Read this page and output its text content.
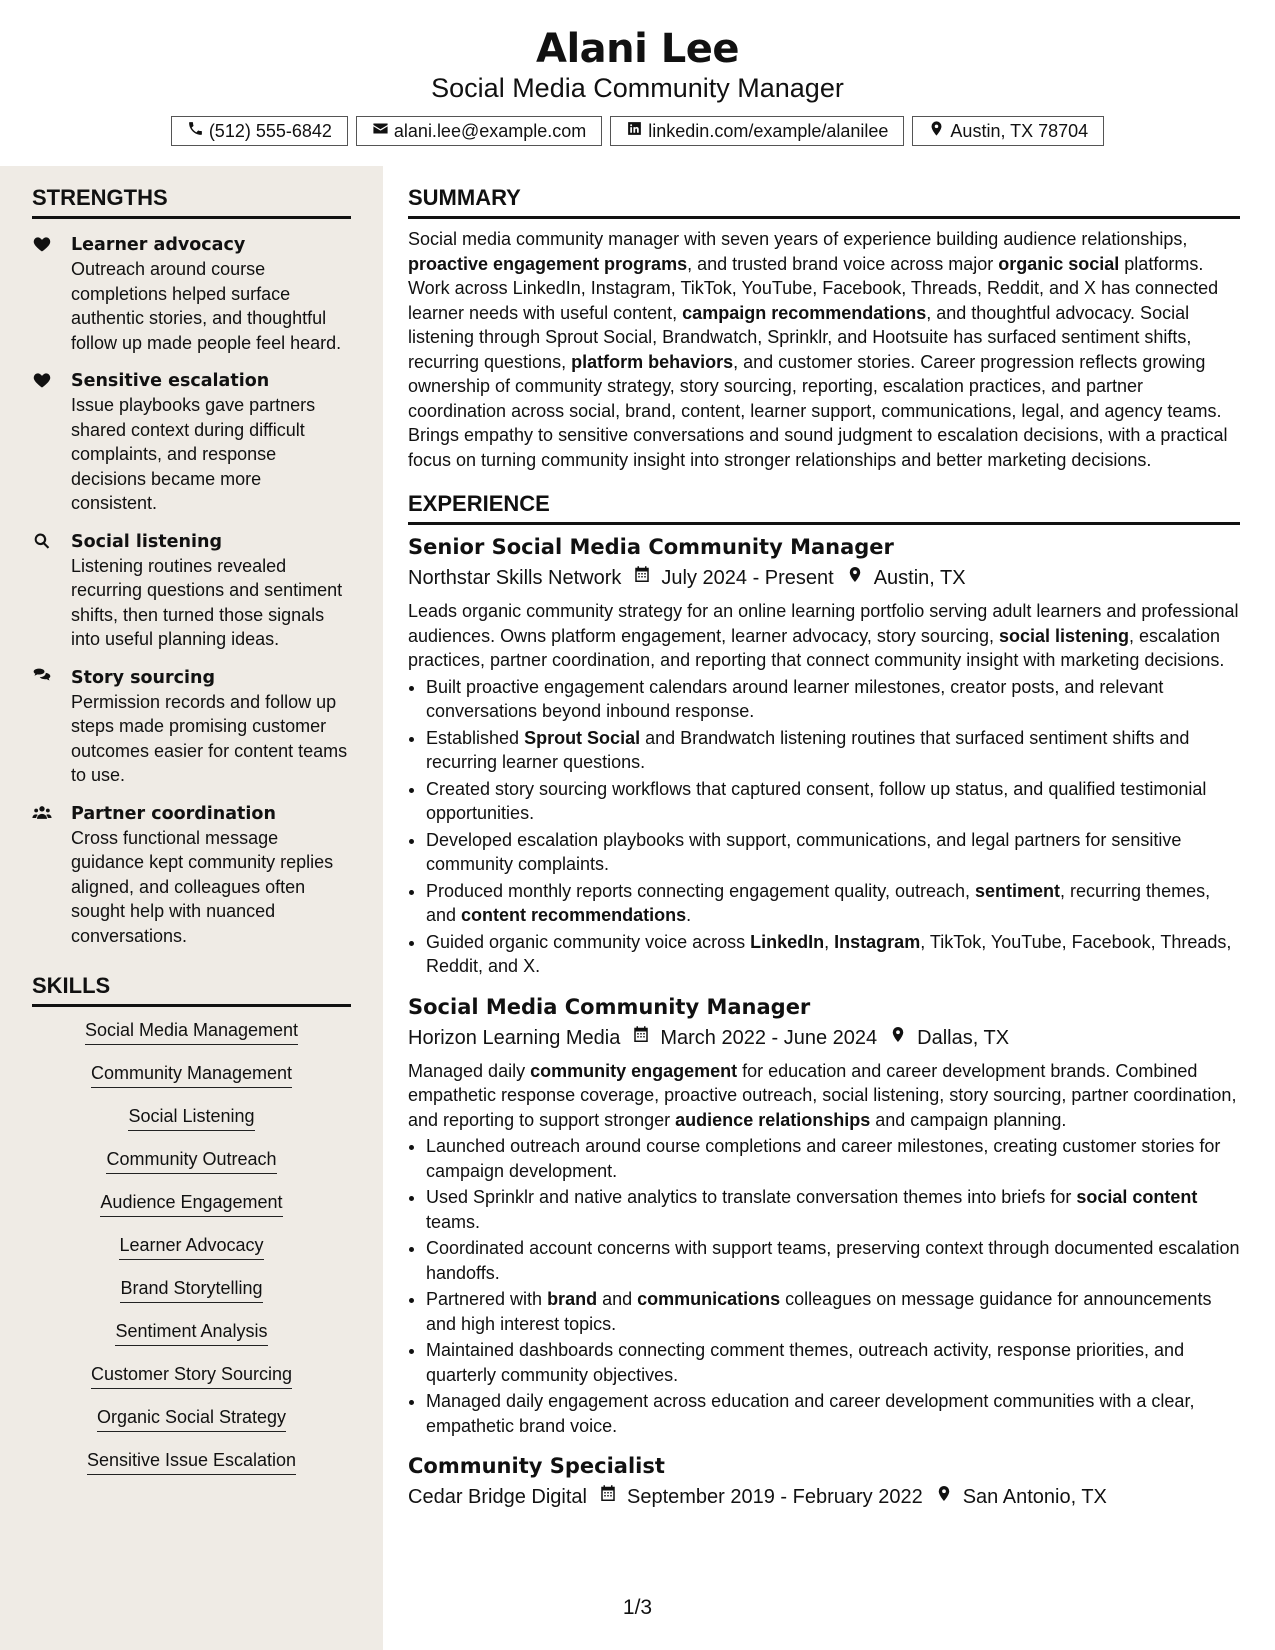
Alani Lee
Social Media Community Manager
(512) 555-6842	alani.lee@example.com	linkedin.com/example/alanilee	Austin, TX 78704
STRENGTHS
Learner advocacy
Outreach around course completions helped surface authentic stories, and thoughtful follow up made people feel heard.
Sensitive escalation
Issue playbooks gave partners shared context during difficult complaints, and response decisions became more consistent.
Social listening
Listening routines revealed recurring questions and sentiment shifts, then turned those signals into useful planning ideas.
Story sourcing
Permission records and follow up steps made promising customer outcomes easier for content teams to use.
Partner coordination
Cross functional message guidance kept community replies aligned, and colleagues often sought help with nuanced conversations.
SKILLS
Social Media Management
Community Management
Social Listening
Community Outreach
Audience Engagement
Learner Advocacy
Brand Storytelling
Sentiment Analysis
Customer Story Sourcing
Organic Social Strategy
Sensitive Issue Escalation
SUMMARY
Social media community manager with seven years of experience building audience relationships, proactive engagement programs, and trusted brand voice across major organic social platforms. Work across LinkedIn, Instagram, TikTok, YouTube, Facebook, Threads, Reddit, and X has connected learner needs with useful content, campaign recommendations, and thoughtful advocacy. Social listening through Sprout Social, Brandwatch, Sprinklr, and Hootsuite has surfaced sentiment shifts, recurring questions, platform behaviors, and customer stories. Career progression reflects growing ownership of community strategy, story sourcing, reporting, escalation practices, and partner coordination across social, brand, content, learner support, communications, legal, and agency teams. Brings empathy to sensitive conversations and sound judgment to escalation decisions, with a practical focus on turning community insight into stronger relationships and better marketing decisions.
EXPERIENCE
Senior Social Media Community Manager
Northstar Skills Network July 2024 - Present Austin, TX
Leads organic community strategy for an online learning portfolio serving adult learners and professional audiences. Owns platform engagement, learner advocacy, story sourcing, social listening, escalation practices, partner coordination, and reporting that connect community insight with marketing decisions.
• Built proactive engagement calendars around learner milestones, creator posts, and relevant conversations beyond inbound response.
• Established Sprout Social and Brandwatch listening routines that surfaced sentiment shifts and recurring learner questions.
• Created story sourcing workflows that captured consent, follow up status, and qualified testimonial opportunities.
• Developed escalation playbooks with support, communications, and legal partners for sensitive community complaints.
• Produced monthly reports connecting engagement quality, outreach, sentiment, recurring themes, and content recommendations.
• Guided organic community voice across LinkedIn, Instagram, TikTok, YouTube, Facebook, Threads, Reddit, and X.
Social Media Community Manager
Horizon Learning Media March 2022 - June 2024 Dallas, TX
Managed daily community engagement for education and career development brands. Combined empathetic response coverage, proactive outreach, social listening, story sourcing, partner coordination, and reporting to support stronger audience relationships and campaign planning.
• Launched outreach around course completions and career milestones, creating customer stories for campaign development.
• Used Sprinklr and native analytics to translate conversation themes into briefs for social content teams.
• Coordinated account concerns with support teams, preserving context through documented escalation handoffs.
• Partnered with brand and communications colleagues on message guidance for announcements and high interest topics.
• Maintained dashboards connecting comment themes, outreach activity, response priorities, and quarterly community objectives.
• Managed daily engagement across education and career development communities with a clear, empathetic brand voice.
Community Specialist
Cedar Bridge Digital September 2019 - February 2022 San Antonio, TX
1/3
